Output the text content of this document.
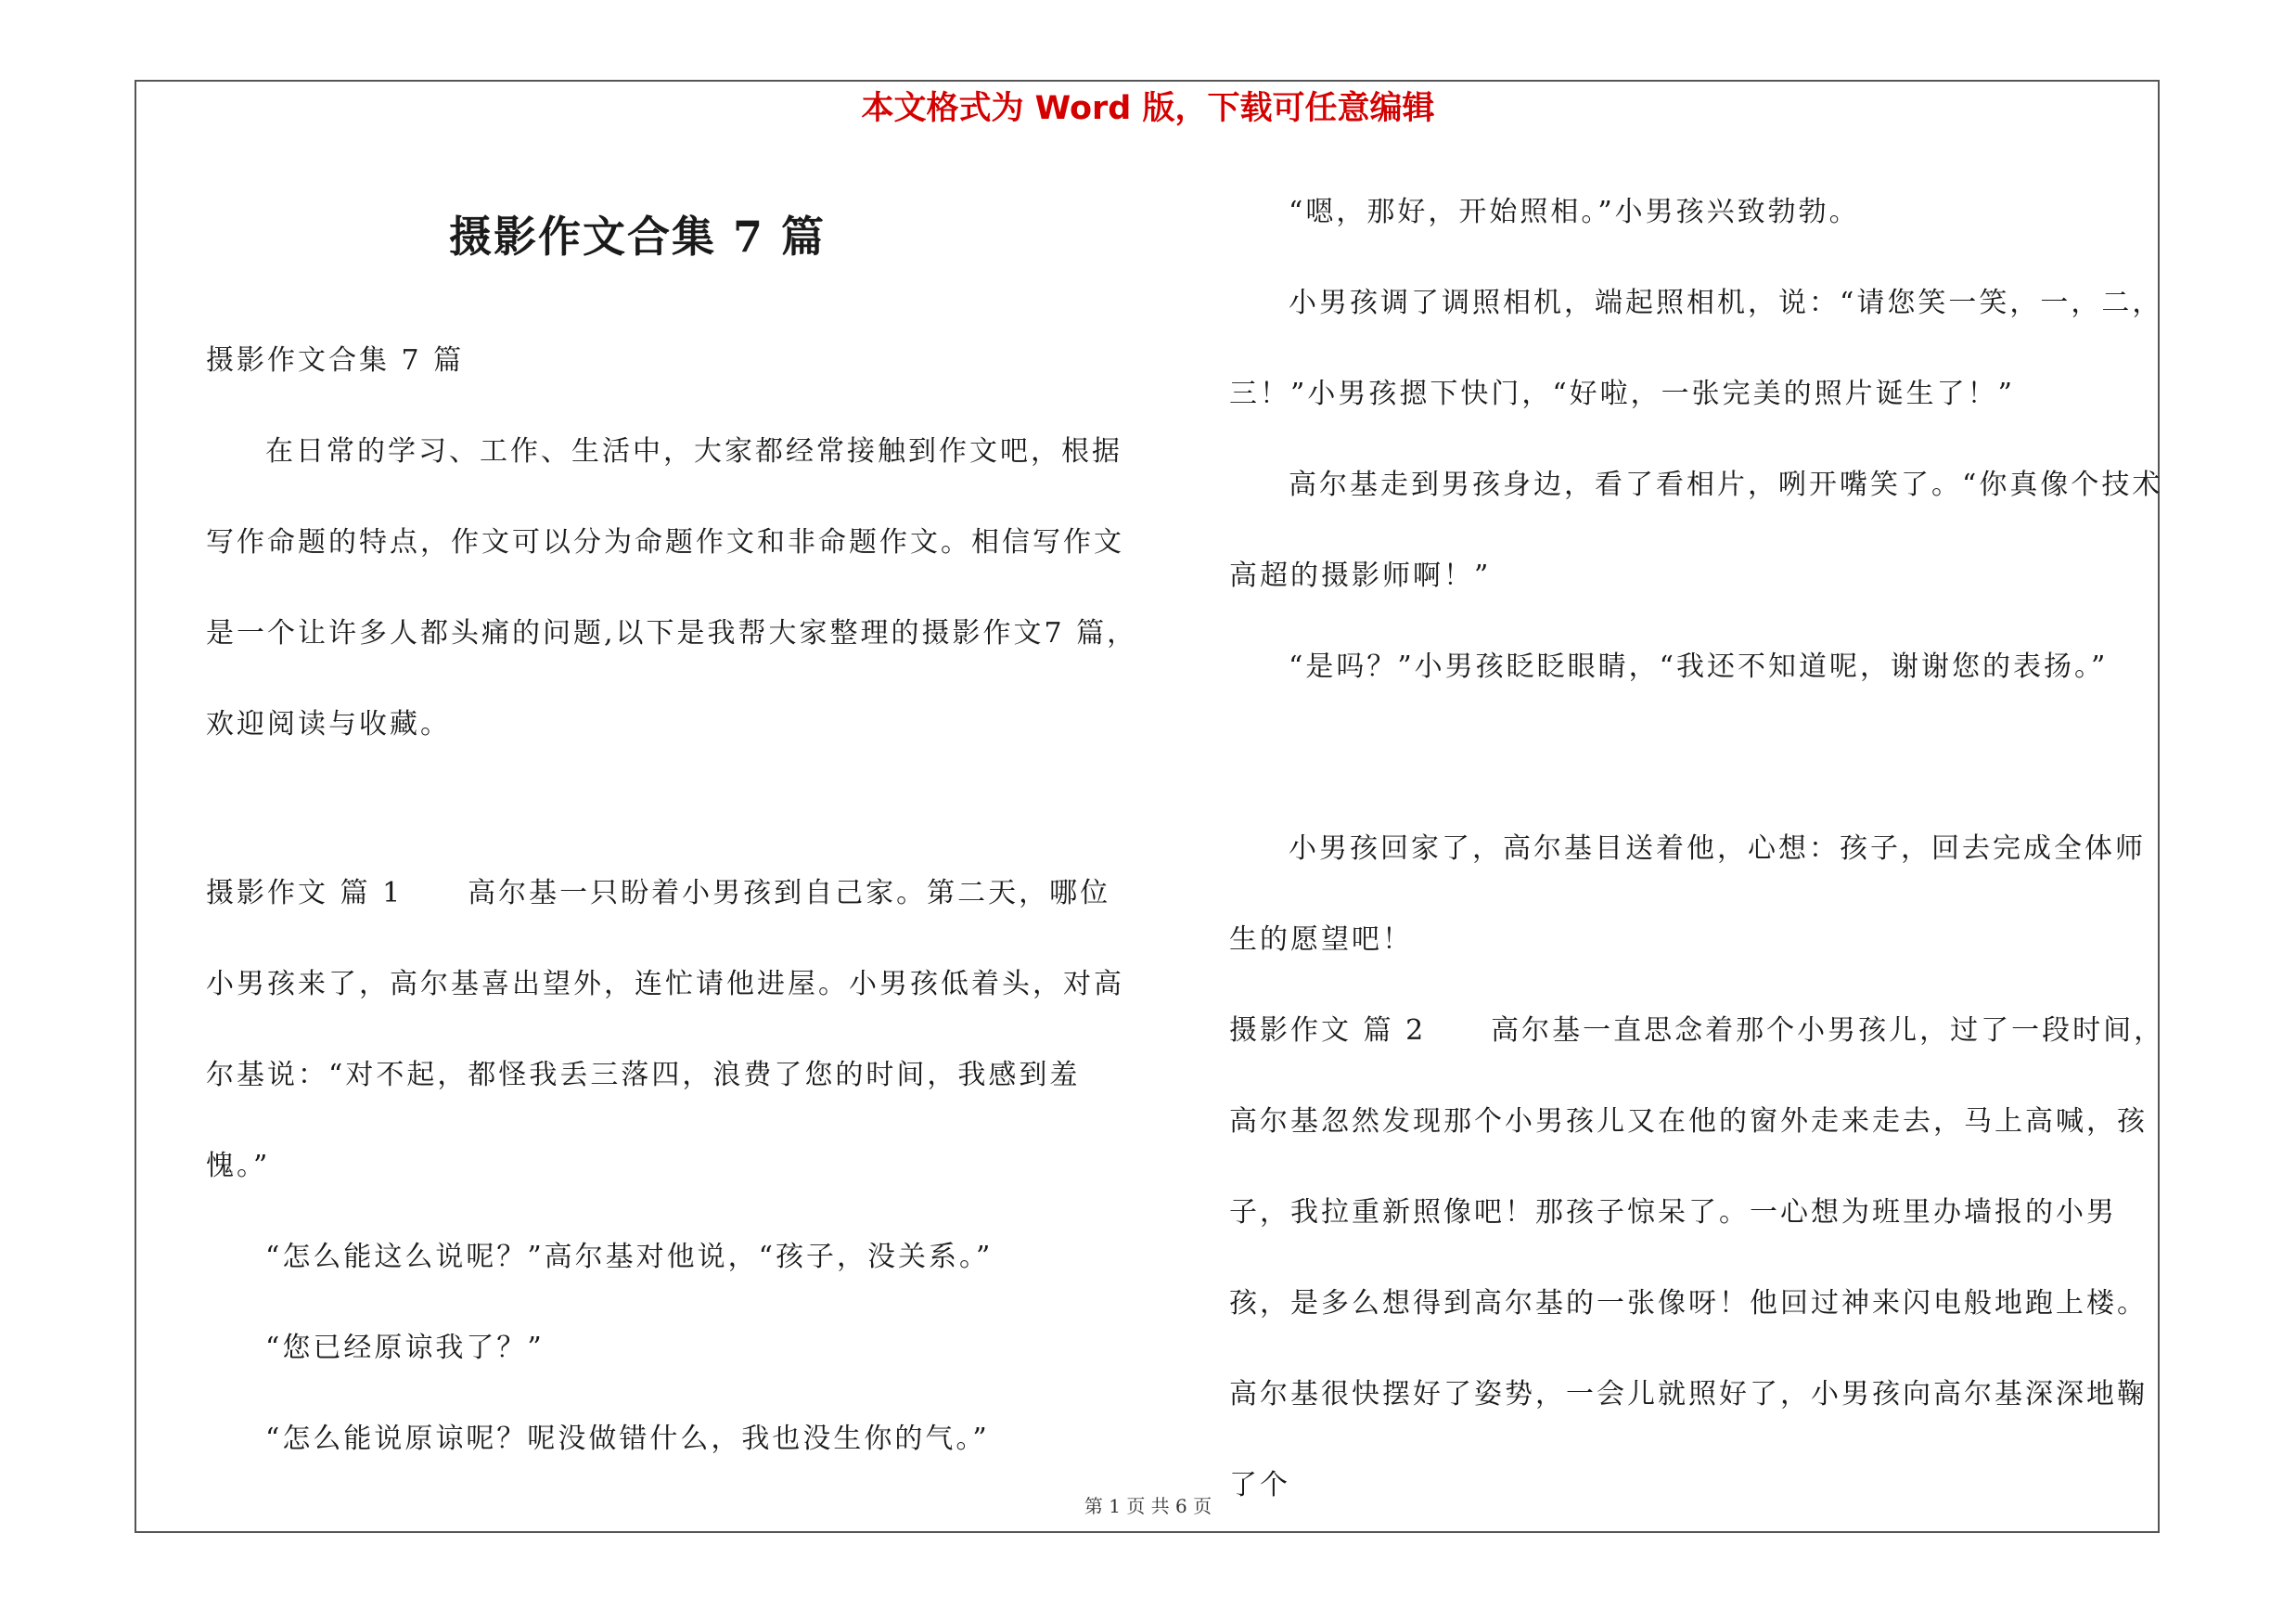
本文格式为 Word 版，下载可任意编辑
摄影作文合集 7 篇
摄影作文合集 7 篇
在日常的学习、工作、生活中，大家都经常接触到作文吧，根据写作命题的特点，作文可以分为命题作文和非命题作文。相信写作文是一个让许多人都头痛的问题,以下是我帮大家整理的摄影作文7 篇，欢迎阅读与收藏。
摄影作文 篇 1 高尔基一只盼着小男孩到自己家。第二天，哪位小男孩来了，高尔基喜出望外，连忙请他进屋。小男孩低着头，对高尔基说：“对不起，都怪我丢三落四，浪费了您的时间，我感到羞愧。”
“怎么能这么说呢？”高尔基对他说，“孩子，没关系。”
“您已经原谅我了？”
“怎么能说原谅呢？呢没做错什么，我也没生你的气。”
“嗯，那好，开始照相。”小男孩兴致勃勃。
小男孩调了调照相机，端起照相机，说：“请您笑一笑，一，二，三！”小男孩摁下快门，“好啦，一张完美的照片诞生了！”
高尔基走到男孩身边，看了看相片，咧开嘴笑了。“你真像个技术高超的摄影师啊！”
“是吗？”小男孩眨眨眼睛，“我还不知道呢，谢谢您的表扬。”
小男孩回家了，高尔基目送着他，心想：孩子，回去完成全体师生的愿望吧！
摄影作文 篇 2 高尔基一直思念着那个小男孩儿，过了一段时间，高尔基忽然发现那个小男孩儿又在他的窗外走来走去，马上高喊，孩子，我拉重新照像吧！那孩子惊呆了。一心想为班里办墙报的小男孩，是多么想得到高尔基的一张像呀！他回过神来闪电般地跑上楼。高尔基很快摆好了姿势，一会儿就照好了，小男孩向高尔基深深地鞠了个
第 1 页 共 6 页
